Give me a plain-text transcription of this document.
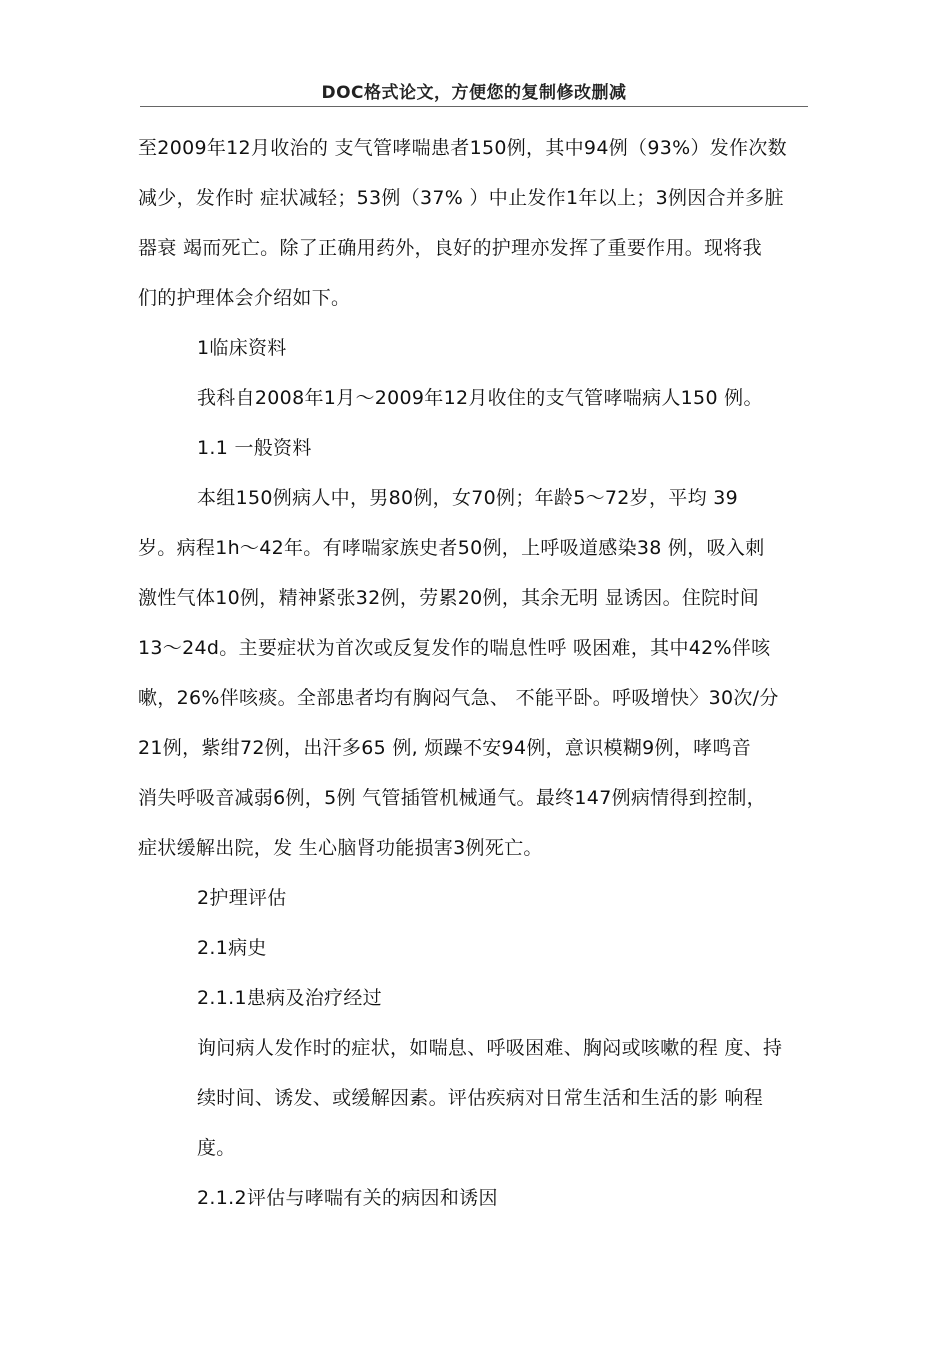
DOC格式论文，方便您的复制修改删减
至2009年12月收治的 支气管哮喘患者150例，其中94例（93%）发作次数
减少，发作时 症状减轻；53例（37% ）中止发作1年以上；3例因合并多脏
器衰 竭而死亡。除了正确用药外，良好的护理亦发挥了重要作用。现将我
们的护理体会介绍如下。
1临床资料
我科自2008年1月〜2009年12月收住的支气管哮喘病人150 例。
1.1 一般资料
本组150例病人中，男80例，女70例；年龄5〜72岁，平均 39
岁。病程1h〜42年。有哮喘家族史者50例，上呼吸道感染38 例，吸入刺
激性气体10例，精神紧张32例，劳累20例，其余无明 显诱因。住院时间
13〜24d。主要症状为首次或反复发作的喘息性呼 吸困难，其中42%伴咳
嗽，26%伴咳痰。全部患者均有胸闷气急、 不能平卧。呼吸增快〉30次/分
21例，紫绀72例，出汗多65 例, 烦躁不安94例，意识模糊9例，哮鸣音
消失呼吸音减弱6例，5例 气管插管机械通气。最终147例病情得到控制，
症状缓解出院，发 生心脑肾功能损害3例死亡。
2护理评估
2.1病史
2.1.1患病及治疗经过
询问病人发作时的症状，如喘息、呼吸困难、胸闷或咳嗽的程 度、持
续时间、诱发、或缓解因素。评估疾病对日常生活和生活的影 响程
度。
2.1.2评估与哮喘有关的病因和诱因
